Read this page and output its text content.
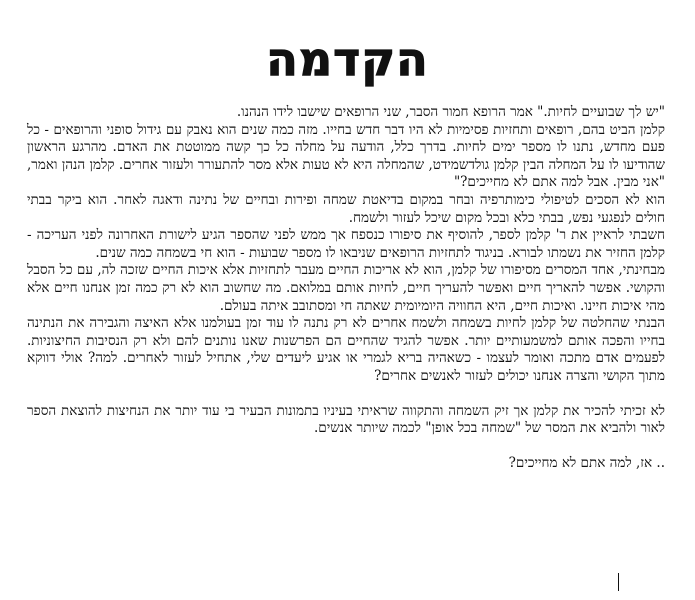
הקדמה

"יש לך שבועיים לחיות." אמר הרופא חמור הסבר, שני הרופאים שישבו לידו הנהנו.

קלמן הביט בהם, רופאים ותחזיות פסימיות לא היו דבר חדש בחייו. מזה כמה שנים הוא נאבק עם גידול סופני והרופאים - כל פעם מחדש, נתנו לו מספר ימים לחיות. בדרך כלל, הודעה על מחלה כל כך קשה ממוטטת את האדם. מהרגע הראשון שהודיעו לו על המחלה הבין קלמן גולדשמידט, שהמחלה היא לא טעות אלא מסר להתעורר ולעזור אחרים. קלמן הנהן ואמר, "אני מבין. אבל למה אתם לא מחייכים?"

הוא לא הסכים לטיפולי כימותרפיה ובחר במקום בדיאטת שמחה ופירות ובחיים של נתינה ודאגה לאחר. הוא ביקר בבתי חולים לנפגעי נפש, בבתי כלא ובכל מקום שיכל לעזור ולשמח.

חשבתי לראיין את ר' קלמן לספר, להוסיף את סיפורו כנספח אך ממש לפני שהספר הגיע לישורת האחרונה לפני העריכה - קלמן החזיר את נשמתו לבורא. בניגוד לתחזיות הרופאים שניבאו לו מספר שבועות - הוא חי בשמחה כמה שנים.

מבחינתי, אחד המסרים מסיפורו של קלמן, הוא לא אריכות החיים מעבר לתחזיות אלא איכות החיים שזכה לה, עם כל הסבל והקושי. אפשר להאריך חיים ואפשר להעריך חיים, לחיות אותם במלואם. מה שחשוב הוא לא רק כמה זמן אנחנו חיים אלא מהי איכות חיינו. ואיכות חיים, היא החוויה היומיומית שאתה חי ומסתובב איתה בעולם.

הבנתי שהחלטה של קלמן לחיות בשמחה ולשמח אחרים לא רק נתנה לו עוד זמן בעולמנו אלא האיצה והגבירה את הנתינה בחייו והפכה אותם למשמעותיים יותר. אפשר להגיד שהחיים הם הפרשנות שאנו נותנים להם ולא רק הנסיבות החיצוניות. לפעמים אדם מתכה ואומר לעצמו - כשאהיה בריא לגמרי או אגיע ליעדים שלי, אתחיל לעזור לאחרים. למה? אולי דווקא מתוך הקושי והצרה אנחנו יכולים לעזור לאנשים אחרים?

לא זכיתי להכיר את קלמן אך זיק השמחה והתקווה שראיתי בעיניו בתמונות הבעיר בי עוד יותר את הנחיצות להוצאת הספר לאור ולהביא את המסר של "שמחה בכל אופן" לכמה שיותר אנשים.

.. אז, למה אתם לא מחייכים?
